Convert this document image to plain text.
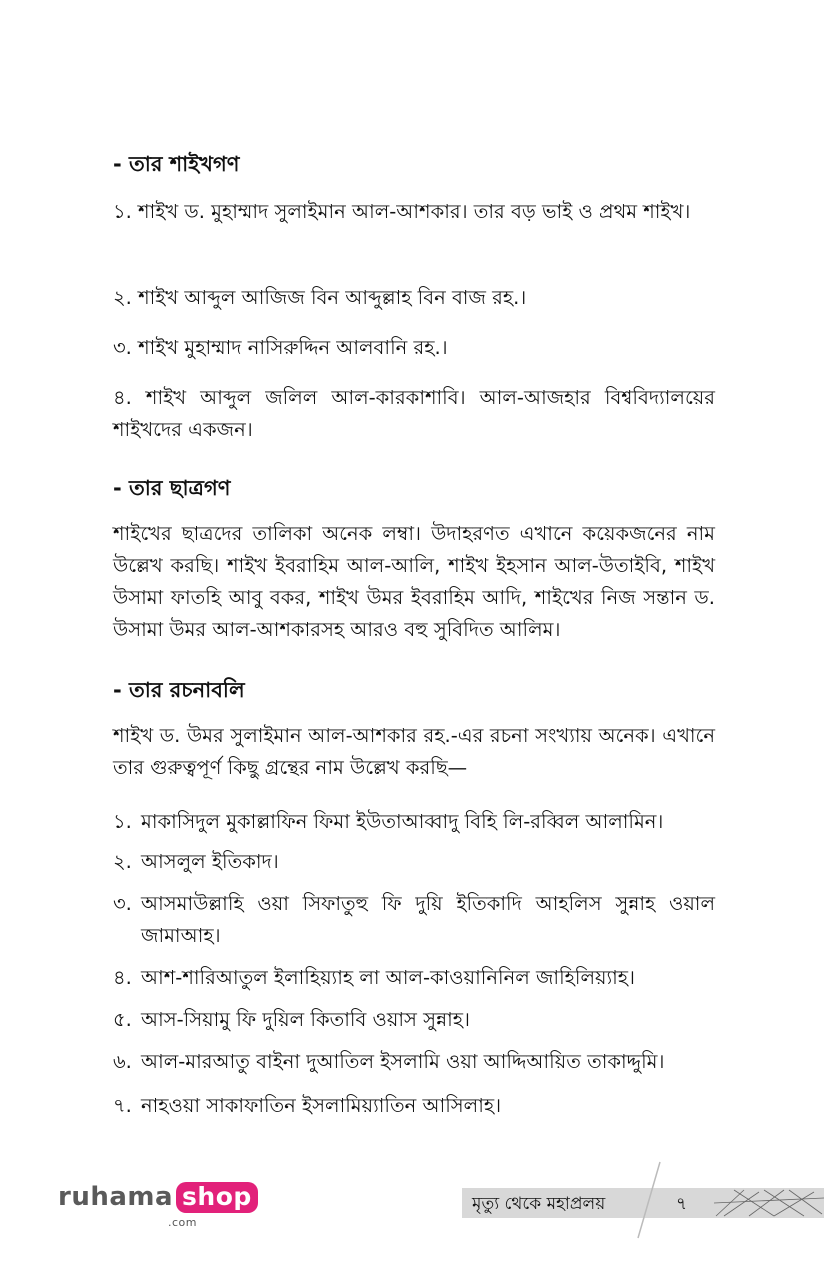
- তার শাইখগণ
১. শাইখ ড. মুহাম্মাদ সুলাইমান আল-আশকার। তার বড় ভাই ও প্রথম শাইখ।
২. শাইখ আব্দুল আজিজ বিন আব্দুল্লাহ বিন বাজ রহ.।
৩. শাইখ মুহাম্মাদ নাসিরুদ্দিন আলবানি রহ.।
৪. শাইখ আব্দুল জলিল আল-কারকাশাবি। আল-আজহার বিশ্ববিদ্যালয়ের শাইখদের একজন।
- তার ছাত্রগণ
শাইখের ছাত্রদের তালিকা অনেক লম্বা। উদাহরণত এখানে কয়েকজনের নাম উল্লেখ করছি। শাইখ ইবরাহিম আল-আলি, শাইখ ইহসান আল-উতাইবি, শাইখ উসামা ফাতহি আবু বকর, শাইখ উমর ইবরাহিম আদি, শাইখের নিজ সন্তান ড. উসামা উমর আল-আশকারসহ আরও বহু সুবিদিত আলিম।
- তার রচনাবলি
শাইখ ড. উমর সুলাইমান আল-আশকার রহ.-এর রচনা সংখ্যায় অনেক। এখানে তার গুরুত্বপূর্ণ কিছু গ্রন্থের নাম উল্লেখ করছি—
১. মাকাসিদুল মুকাল্লাফিন ফিমা ইউতাআব্বাদু বিহি লি-রব্বিল আলামিন।
২. আসলুল ইতিকাদ।
৩. আসমাউল্লাহি ওয়া সিফাতুহু ফি দুয়ি ইতিকাদি আহলিস সুন্নাহ ওয়াল জামাআহ।
৪. আশ-শারিআতুল ইলাহিয়্যাহ লা আল-কাওয়ানিনিল জাহিলিয়্যাহ।
৫. আস-সিয়ামু ফি দুয়িল কিতাবি ওয়াস সুন্নাহ।
৬. আল-মারআতু বাইনা দুআতিল ইসলামি ওয়া আদ্দিআয়িত তাকাদ্দুমি।
৭. নাহওয়া সাকাফাতিন ইসলামিয়্যাতিন আসিলাহ।
ruhama shop
.com
মৃত্যু থেকে মহাপ্রলয়	৭
